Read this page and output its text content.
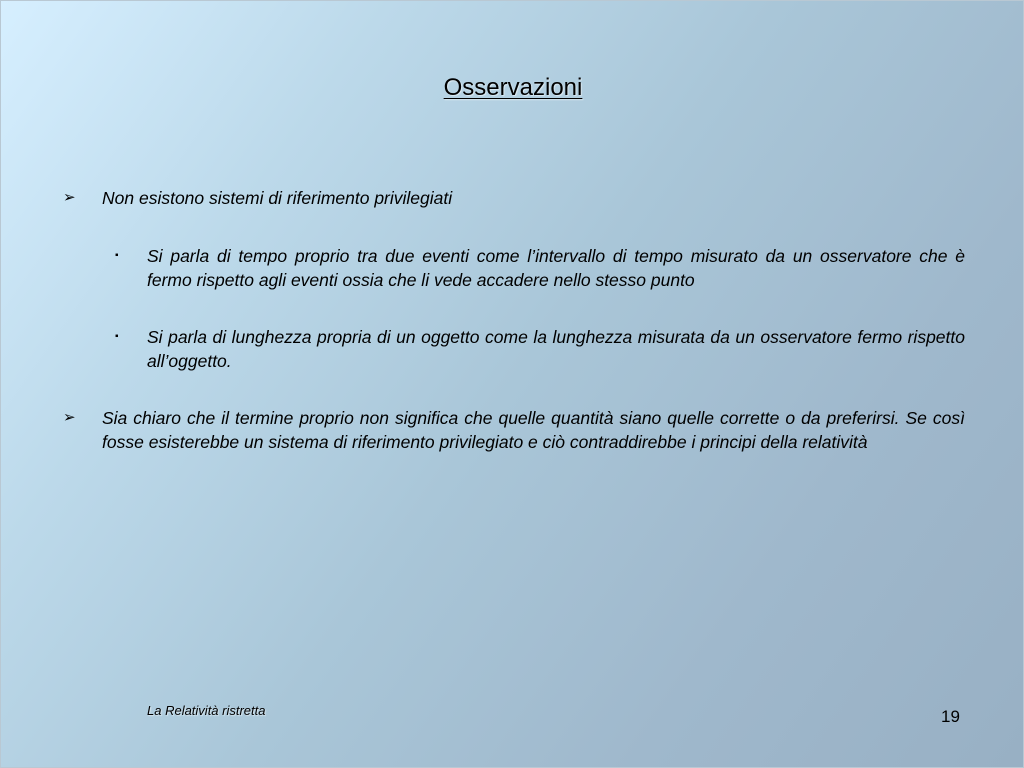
Osservazioni
➢ Non esistono sistemi di riferimento privilegiati
▪ Si parla di tempo proprio tra due eventi come l’intervallo di tempo misurato da un osservatore che è fermo rispetto agli eventi ossia che li vede accadere nello stesso punto
▪ Si parla di lunghezza propria di un oggetto come la lunghezza misurata da un osservatore fermo rispetto all’oggetto.
➢ Sia chiaro che il termine proprio non significa che quelle quantità siano quelle corrette o da preferirsi. Se così fosse esisterebbe un sistema di riferimento privilegiato e ciò contraddirebbe i principi della relatività
La Relatività ristretta	19
